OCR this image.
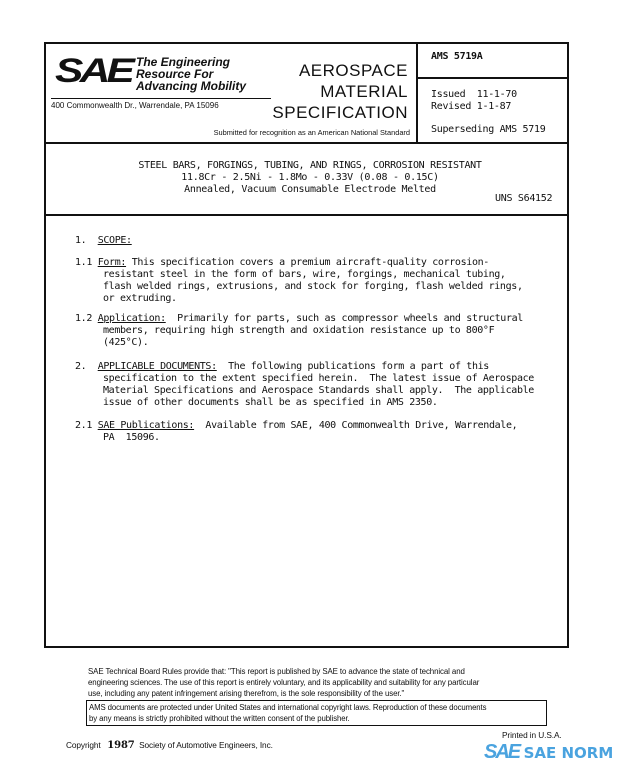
SAE The Engineering
Resource For
Advancing Mobility
400 Commonwealth Dr., Warrendale, PA 15096
AEROSPACE
MATERIAL
SPECIFICATION
Submitted for recognition as an American National Standard
AMS 5719A
Issued  11-1-70
Revised 1-1-87
Superseding AMS 5719
STEEL BARS, FORGINGS, TUBING, AND RINGS, CORROSION RESISTANT
11.8Cr - 2.5Ni - 1.8Mo - 0.33V (0.08 - 0.15C)
Annealed, Vacuum Consumable Electrode Melted
UNS S64152
1. SCOPE:
1.1 Form: This specification covers a premium aircraft-quality corrosion-
resistant steel in the form of bars, wire, forgings, mechanical tubing,
flash welded rings, extrusions, and stock for forging, flash welded rings,
or extruding.
1.2 Application:  Primarily for parts, such as compressor wheels and structural
members, requiring high strength and oxidation resistance up to 800°F
(425°C).
2. APPLICABLE DOCUMENTS:  The following publications form a part of this
specification to the extent specified herein.  The latest issue of Aerospace
Material Specifications and Aerospace Standards shall apply.  The applicable
issue of other documents shall be as specified in AMS 2350.
2.1 SAE Publications:  Available from SAE, 400 Commonwealth Drive, Warrendale,
PA  15096.
SAE Technical Board Rules provide that: "This report is published by SAE to advance the state of technical and
engineering sciences. The use of this report is entirely voluntary, and its applicability and suitability for any particular
use, including any patent infringement arising therefrom, is the sole responsibility of the user."
AMS documents are protected under United States and international copyright laws. Reproduction of these documents
by any means is strictly prohibited without the written consent of the publisher.
Copyright 1987 Society of Automotive Engineers, Inc.
Printed in U.S.A.
SAE SAE NORM
